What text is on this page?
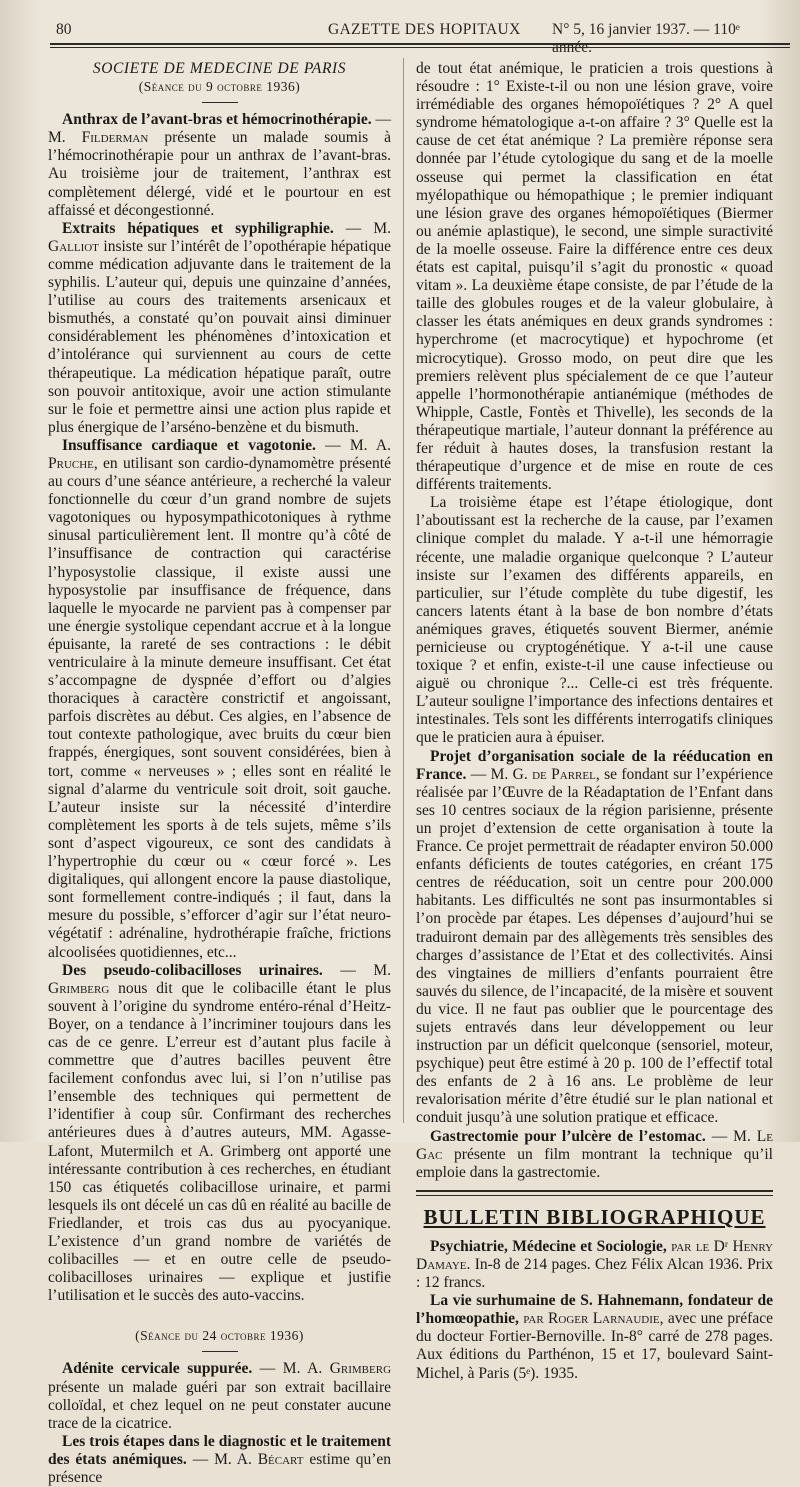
80	GAZETTE DES HOPITAUX N° 5, 16 janvier 1937. — 110ᵉ année.

SOCIETE DE MEDECINE DE PARIS

(Séance du 9 octobre 1936)

Anthrax de l’avant-bras et hémocrinothérapie. — M. Filderman présente un malade soumis à l’hémocrinothérapie pour un anthrax de l’avant-bras. Au troisième jour de traitement, l’anthrax est complètement délergé, vidé et le pourtour en est affaissé et décongestionné.

Extraits hépatiques et syphiligraphie. — M. Galliot insiste sur l’intérêt de l’opothérapie hépatique comme médication adjuvante dans le traitement de la syphilis. L’auteur qui, depuis une quinzaine d’années, l’utilise au cours des traitements arsenicaux et bismuthés, a constaté qu’on pouvait ainsi diminuer considérablement les phénomènes d’intoxication et d’intolérance qui surviennent au cours de cette thérapeutique. La médication hépatique paraît, outre son pouvoir antitoxique, avoir une action stimulante sur le foie et permettre ainsi une action plus rapide et plus énergique de l’arséno-benzène et du bismuth.

Insuffisance cardiaque et vagotonie. — M. A. Pruche, en utilisant son cardio-dynamomètre présenté au cours d’une séance antérieure, a recherché la valeur fonctionnelle du cœur d’un grand nombre de sujets vagotoniques ou hyposympathicotoniques à rythme sinusal particulièrement lent. Il montre qu’à côté de l’insuffisance de contraction qui caractérise l’hyposystolie classique, il existe aussi une hyposystolie par insuffisance de fréquence, dans laquelle le myocarde ne parvient pas à compenser par une énergie systolique cependant accrue et à la longue épuisante, la rareté de ses contractions : le débit ventriculaire à la minute demeure insuffisant. Cet état s’accompagne de dyspnée d’effort ou d’algies thoraciques à caractère constrictif et angoissant, parfois discrètes au début. Ces algies, en l’absence de tout contexte pathologique, avec bruits du cœur bien frappés, énergiques, sont souvent considérées, bien à tort, comme « nerveuses » ; elles sont en réalité le signal d’alarme du ventricule soit droit, soit gauche. L’auteur insiste sur la nécessité d’interdire complètement les sports à de tels sujets, même s’ils sont d’aspect vigoureux, ce sont des candidats à l’hypertrophie du cœur ou « cœur forcé ». Les digitaliques, qui allongent encore la pause diastolique, sont formellement contre-indiqués ; il faut, dans la mesure du possible, s’efforcer d’agir sur l’état neuro-végétatif : adrénaline, hydrothérapie fraîche, frictions alcoolisées quotidiennes, etc...

Des pseudo-colibacilloses urinaires. — M. Grimberg nous dit que le colibacille étant le plus souvent à l’origine du syndrome entéro-rénal d’Heitz-Boyer, on a tendance à l’incriminer toujours dans les cas de ce genre. L’erreur est d’autant plus facile à commettre que d’autres bacilles peuvent être facilement confondus avec lui, si l’on n’utilise pas l’ensemble des techniques qui permettent de l’identifier à coup sûr. Confirmant des recherches antérieures dues à d’autres auteurs, MM. Agasse-Lafont, Mutermilch et A. Grimberg ont apporté une intéressante contribution à ces recherches, en étudiant 150 cas étiquetés colibacillose urinaire, et parmi lesquels ils ont décelé un cas dû en réalité au bacille de Friedlander, et trois cas dus au pyocyanique. L’existence d’un grand nombre de variétés de colibacilles — et en outre celle de pseudo-colibacilloses urinaires — explique et justifie l’utilisation et le succès des auto-vaccins.

(Séance du 24 octobre 1936)

Adénite cervicale suppurée. — M. A. Grimberg présente un malade guéri par son extrait bacillaire colloïdal, et chez lequel on ne peut constater aucune trace de la cicatrice.

Les trois étapes dans le diagnostic et le traitement des états anémiques. — M. A. Bécart estime qu’en présence

de tout état anémique, le praticien a trois questions à résoudre : 1° Existe-t-il ou non une lésion grave, voire irrémédiable des organes hémopoïétiques ? 2° A quel syndrome hématologique a-t-on affaire ? 3° Quelle est la cause de cet état anémique ? La première réponse sera donnée par l’étude cytologique du sang et de la moelle osseuse qui permet la classification en état myélopathique ou hémopathique ; le premier indiquant une lésion grave des organes hémopoïétiques (Biermer ou anémie aplastique), le second, une simple suractivité de la moelle osseuse. Faire la différence entre ces deux états est capital, puisqu’il s’agit du pronostic « quoad vitam ». La deuxième étape consiste, de par l’étude de la taille des globules rouges et de la valeur globulaire, à classer les états anémiques en deux grands syndromes : hyperchrome (et macrocytique) et hypochrome (et microcytique). Grosso modo, on peut dire que les premiers relèvent plus spécialement de ce que l’auteur appelle l’hormonothérapie antianémique (méthodes de Whipple, Castle, Fontès et Thivelle), les seconds de la thérapeutique martiale, l’auteur donnant la préférence au fer réduit à hautes doses, la transfusion restant la thérapeutique d’urgence et de mise en route de ces différents traitements.

La troisième étape est l’étape étiologique, dont l’aboutissant est la recherche de la cause, par l’examen clinique complet du malade. Y a-t-il une hémorragie récente, une maladie organique quelconque ? L’auteur insiste sur l’examen des différents appareils, en particulier, sur l’étude complète du tube digestif, les cancers latents étant à la base de bon nombre d’états anémiques graves, étiquetés souvent Biermer, anémie pernicieuse ou cryptogénétique. Y a-t-il une cause toxique ? et enfin, existe-t-il une cause infectieuse ou aiguë ou chronique ?... Celle-ci est très fréquente. L’auteur souligne l’importance des infections dentaires et intestinales. Tels sont les différents interrogatifs cliniques que le praticien aura à épuiser.

Projet d’organisation sociale de la rééducation en France. — M. G. de Parrel, se fondant sur l’expérience réalisée par l’Œuvre de la Réadaptation de l’Enfant dans ses 10 centres sociaux de la région parisienne, présente un projet d’extension de cette organisation à toute la France. Ce projet permettrait de réadapter environ 50.000 enfants déficients de toutes catégories, en créant 175 centres de rééducation, soit un centre pour 200.000 habitants. Les difficultés ne sont pas insurmontables si l’on procède par étapes. Les dépenses d’aujourd’hui se traduiront demain par des allègements très sensibles des charges d’assistance de l’Etat et des collectivités. Ainsi des vingtaines de milliers d’enfants pourraient être sauvés du silence, de l’incapacité, de la misère et souvent du vice. Il ne faut pas oublier que le pourcentage des sujets entravés dans leur développement ou leur instruction par un déficit quelconque (sensoriel, moteur, psychique) peut être estimé à 20 p. 100 de l’effectif total des enfants de 2 à 16 ans. Le problème de leur revalorisation mérite d’être étudié sur le plan national et conduit jusqu’à une solution pratique et efficace.

Gastrectomie pour l’ulcère de l’estomac. — M. Le Gac présente un film montrant la technique qu’il emploie dans la gastrectomie.

BULLETIN BIBLIOGRAPHIQUE

Psychiatrie, Médecine et Sociologie, par le Dʳ Henry Damaye. In-8 de 214 pages. Chez Félix Alcan 1936. Prix : 12 francs.

La vie surhumaine de S. Hahnemann, fondateur de l’homœopathie, par Roger Larnaudie, avec une préface du docteur Fortier-Bernoville. In-8° carré de 278 pages. Aux éditions du Parthénon, 15 et 17, boulevard Saint-Michel, à Paris (5ᵉ). 1935.
